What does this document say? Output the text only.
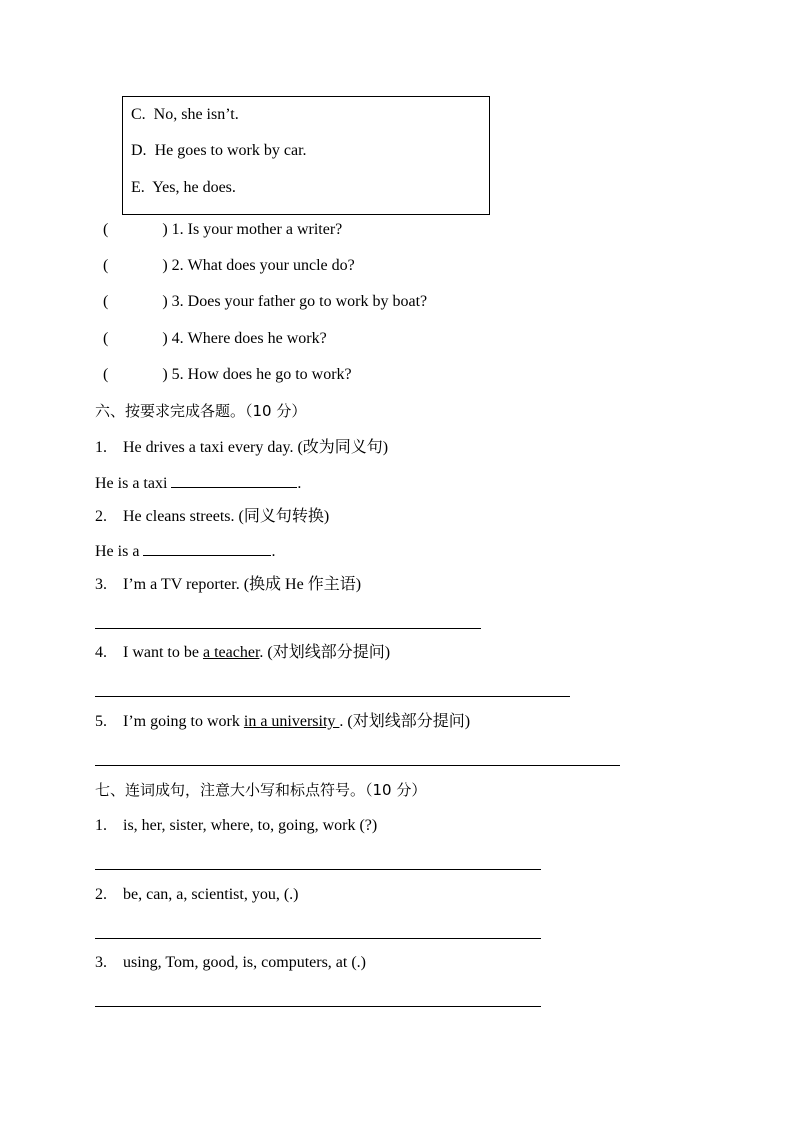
C. No, she isn’t.
D. He goes to work by car.
E. Yes, he does.
(	) 1. Is your mother a writer?
(	) 2. What does your uncle do?
(	) 3. Does your father go to work by boat?
(	) 4. Where does he work?
(	) 5. How does he go to work?
六、按要求完成各题。（10 分）
1. He drives a taxi every day. (改为同义句)
He is a taxi	.
2. He cleans streets. (同义句转换)
He is a	.
3. I’m a TV reporter. (换成 He 作主语)
4. I want to be a teacher. (对划线部分提问)
5. I’m going to work in a university . (对划线部分提问)
七、连词成句，注意大小写和标点符号。（10 分）
1. is, her, sister, where, to, going, work (?)
2. be, can, a, scientist, you, (.)
3. using, Tom, good, is, computers, at (.)
